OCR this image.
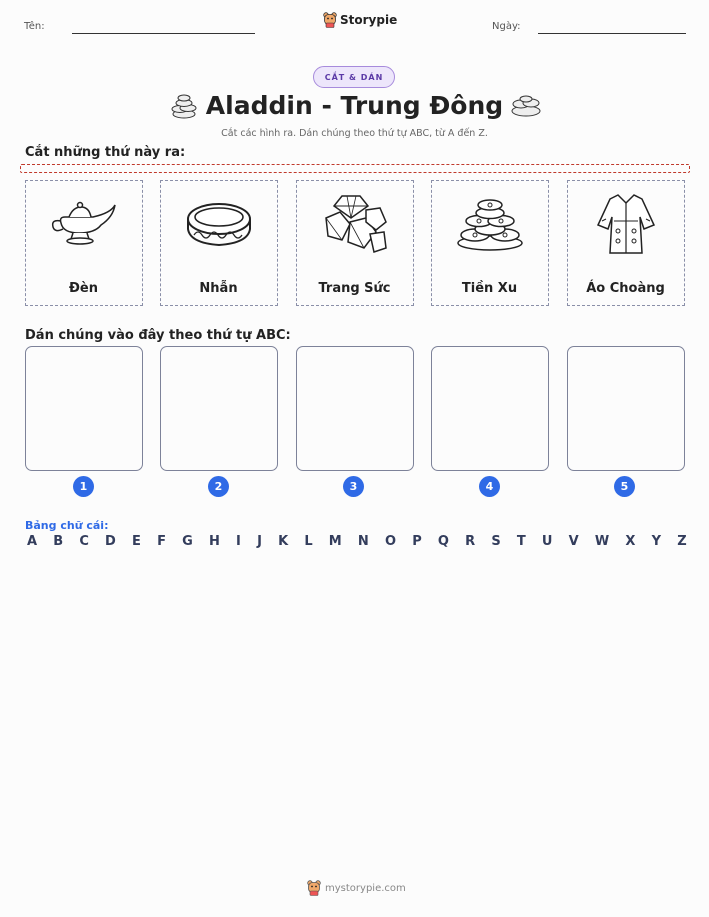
Tên:	Storypie	Ngày:
CẮT & DÁN
Aladdin - Trung Đông
Cắt các hình ra. Dán chúng theo thứ tự ABC, từ A đến Z.
Cắt những thứ này ra:
Đèn	Nhẫn	Trang Sức	Tiền Xu	Áo Choàng
Dán chúng vào đây theo thứ tự ABC:
1	2	3	4	5
Bảng chữ cái:
A B C D E F G H I J K L M N O P Q R S T U V W X Y Z
mystorypie.com
